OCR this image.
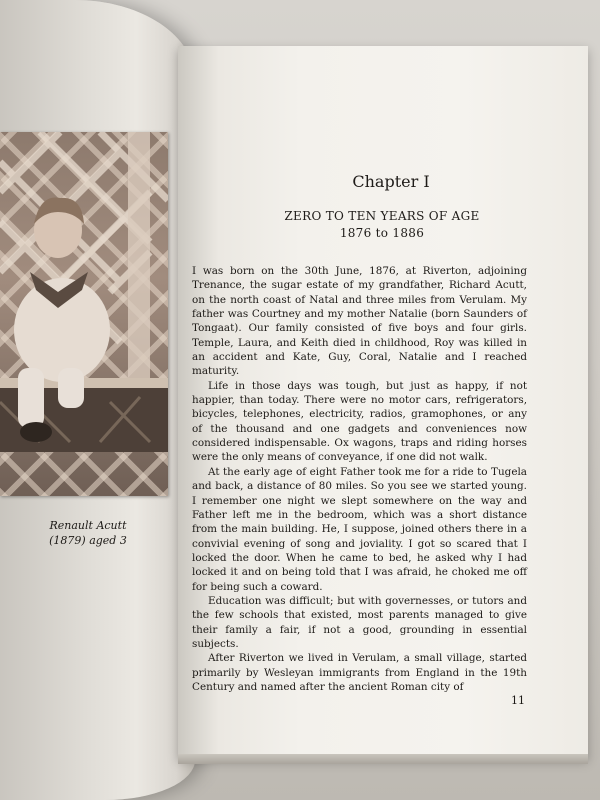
Renault Acutt
(1879) aged 3
Chapter I
ZERO TO TEN YEARS OF AGE
1876 to 1886

I was born on the 30th June, 1876, at Riverton, adjoining Trenance, the sugar estate of my grandfather, Richard Acutt, on the north coast of Natal and three miles from Verulam. My father was Courtney and my mother Natalie (born Saunders of Tongaat). Our family consisted of five boys and four girls. Temple, Laura, and Keith died in childhood, Roy was killed in an accident and Kate, Guy, Coral, Natalie and I reached maturity.

Life in those days was tough, but just as happy, if not happier, than today. There were no motor cars, refrigerators, bicycles, telephones, electricity, radios, gramophones, or any of the thousand and one gadgets and conveniences now considered indispensable. Ox wagons, traps and riding horses were the only means of conveyance, if one did not walk.

At the early age of eight Father took me for a ride to Tugela and back, a distance of 80 miles. So you see we started young. I remember one night we slept somewhere on the way and Father left me in the bedroom, which was a short distance from the main building. He, I suppose, joined others there in a convivial evening of song and joviality. I got so scared that I locked the door. When he came to bed, he asked why I had locked it and on being told that I was afraid, he choked me off for being such a coward.

Education was difficult; but with governesses, or tutors and the few schools that existed, most parents managed to give their family a fair, if not a good, grounding in essential subjects.

After Riverton we lived in Verulam, a small village, started primarily by Wesleyan immigrants from England in the 19th Century and named after the ancient Roman city of

11
